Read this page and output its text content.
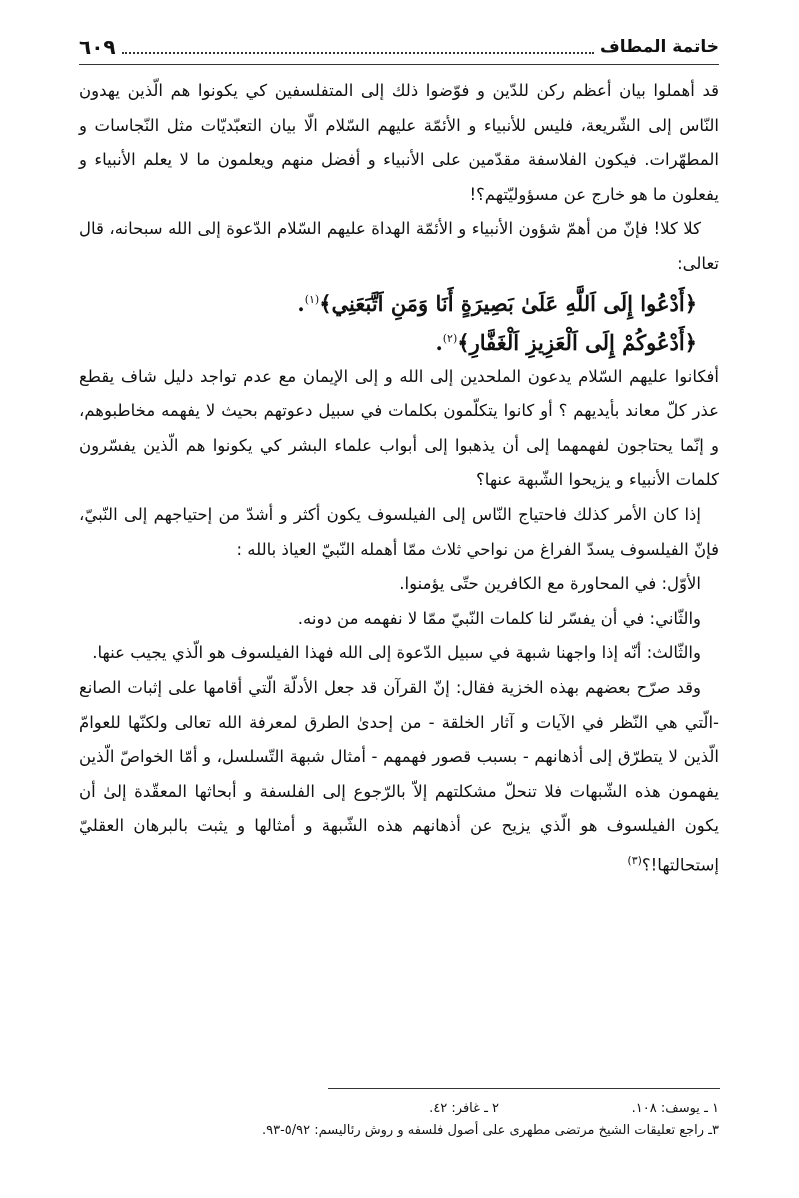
خاتمة المطاف
٦٠٩

قد أهملوا بيان أعظم ركن للدّين و فوّضوا ذلك إلى المتفلسفين كي يكونوا هم الّذين يهدون النّاس إلى الشّريعة، فليس للأنبياء و الأئمّة عليهم السّلام الّا بيان التعبّديّات مثل النّجاسات و المطهّرات. فيكون الفلاسفة مقدّمين على الأنبياء و أفضل منهم ويعلمون ما لا يعلم الأنبياء و يفعلون ما هو خارج عن مسؤوليّتهم؟!

كلا كلا! فإنّ من أهمّ شؤون الأنبياء و الأئمّة الهداة عليهم السّلام الدّعوة إلى الله سبحانه، قال تعالى:

﴿أَدْعُوا إِلَى اَللَّهِ عَلَىٰ بَصِيرَةٍ أَنَا وَمَنِ اَتَّبَعَنِي﴾$^{(١)}$.
﴿أَدْعُوكُمْ إِلَى اَلْعَزِيزِ اَلْغَفَّارِ﴾$^{(٢)}$.

أفكانوا عليهم السّلام يدعون الملحدين إلى الله و إلى الإيمان مع عدم تواجد دليل شاف يقطع عذر كلّ معاند بأيديهم ؟ أو كانوا يتكلّمون بكلمات في سبيل دعوتهم بحيث لا يفهمه مخاطبوهم، و إنّما يحتاجون لفهمهما إلى أن يذهبوا إلى أبواب علماء البشر كي يكونوا هم الّذين يفسّرون كلمات الأنبياء و يزيحوا الشّبهة عنها؟

إذا كان الأمر كذلك فاحتياج النّاس إلى الفيلسوف يكون أكثر و أشدّ من إحتياجهم إلى النّبيّ، فإنّ الفيلسوف يسدّ الفراغ من نواحي ثلاث ممّا أهمله النّبيّ العياذ بالله :

الأوّل: في المحاورة مع الكافرين حتّى يؤمنوا.

والثّاني: في أن يفسّر لنا كلمات النّبيّ ممّا لا نفهمه من دونه.

والثّالث: أنّه إذا واجهنا شبهة في سبيل الدّعوة إلى الله فهذا الفيلسوف هو الّذي يجيب عنها.

وقد صرّح بعضهم بهذه الخزية فقال: إنّ القرآن قد جعل الأدلّة الّتي أقامها على إثبات الصانع -الّتي هي النّظر في الآيات و آثار الخلقة - من إحدىٰ الطرق لمعرفة الله تعالى ولكنّها للعوامّ الّذين لا يتطرّق إلى أذهانهم - بسبب قصور فهمهم - أمثال شبهة التّسلسل، و أمّا الخواصّ الّذين يفهمون هذه الشّبهات فلا تنحلّ مشكلتهم إلاّ بالرّجوع إلى الفلسفة و أبحاثها المعقّدة إلىٰ أن يكون الفيلسوف هو الّذي يزيح عن أذهانهم هذه الشّبهة و أمثالها و يثبت بالبرهان العقليّ إستحالتها!؟$^{(٣)}$

١ ـ يوسف: ١٠٨.
٢ ـ غافر: ٤٢.
٣ـ راجع تعليقات الشيخ مرتضى مطهرى على أصول فلسفه و روش رئاليسم: ٥/٩٢-٩٣.
